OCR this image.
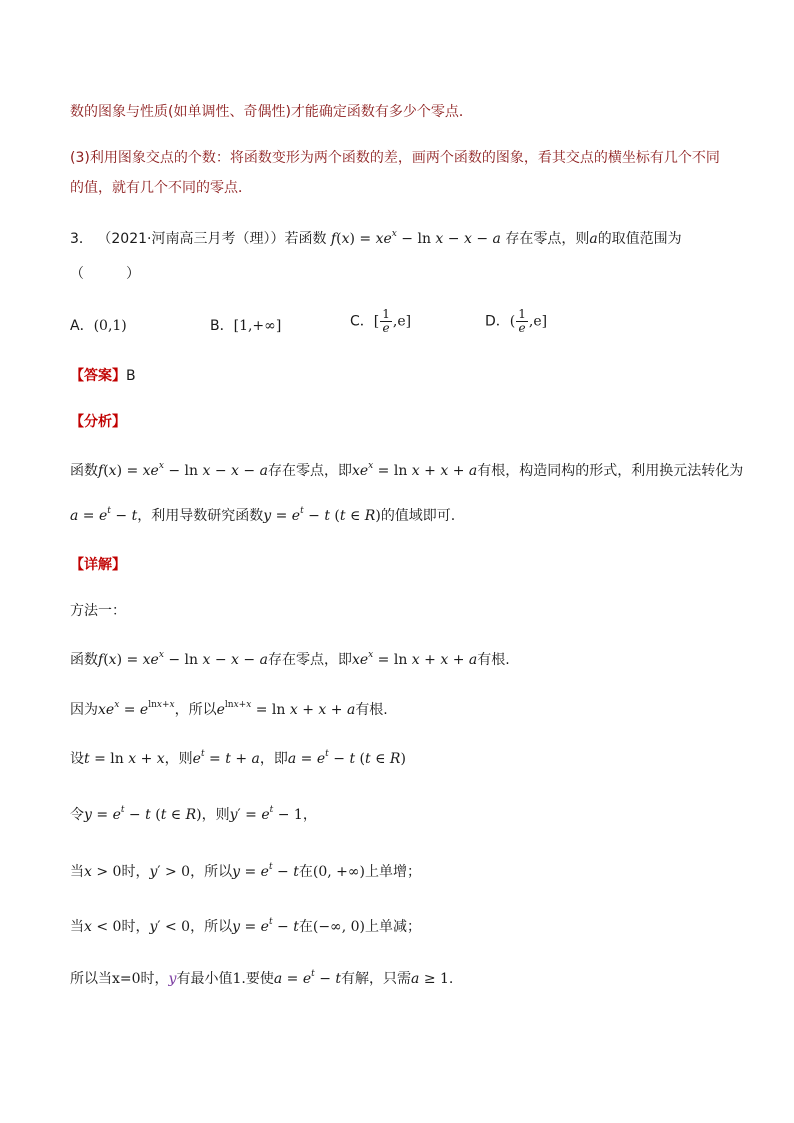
数的图象与性质(如单调性、奇偶性)才能确定函数有多少个零点．
(3)利用图象交点的个数：将函数变形为两个函数的差，画两个函数的图象，看其交点的横坐标有几个不同
的值，就有几个不同的零点．
3． （2021·河南高三月考（理））若函数 $f(x) = xe^x - \ln x - x - a$ 存在零点，则a的取值范围为
（　　　）
A．(0,1)	B．[1,+∞]	C．[ $\frac{1}{e} ,e$]	D．( $\frac{1}{e} ,e$]
【答案】B
【分析】
函数$f(x) = xe^x - \ln x - x - a$存在零点，即$xe^x = \ln x + x + a$有根，构造同构的形式，利用换元法转化为
$a = e^t - t$，利用导数研究函数$y = e^t - t$ (t ∈ R)的值域即可.
【详解】
方法一：
函数$f(x) = xe^x - \ln x - x - a$存在零点，即$xe^x = \ln x + x + a$有根.
因为$xe^x = e^{lnx+x}$，所以$e^{lnx+x} = \ln x + x + a$有根.
设t = ln x + x，则$e^t = t + a$，即$a = e^t - t$ (t ∈ R)
令$y = e^t - t$ (t ∈ R)，则$y' = e^t - 1$，
当x > 0时，y′ > 0，所以$y = e^t - t$在(0, +∞)上单增；
当x < 0时，y′ < 0，所以$y = e^t - t$在(−∞, 0)上单减；
所以当x=0时，y有最小值1.要使$a = e^t - t$有解，只需a ≥ 1.
